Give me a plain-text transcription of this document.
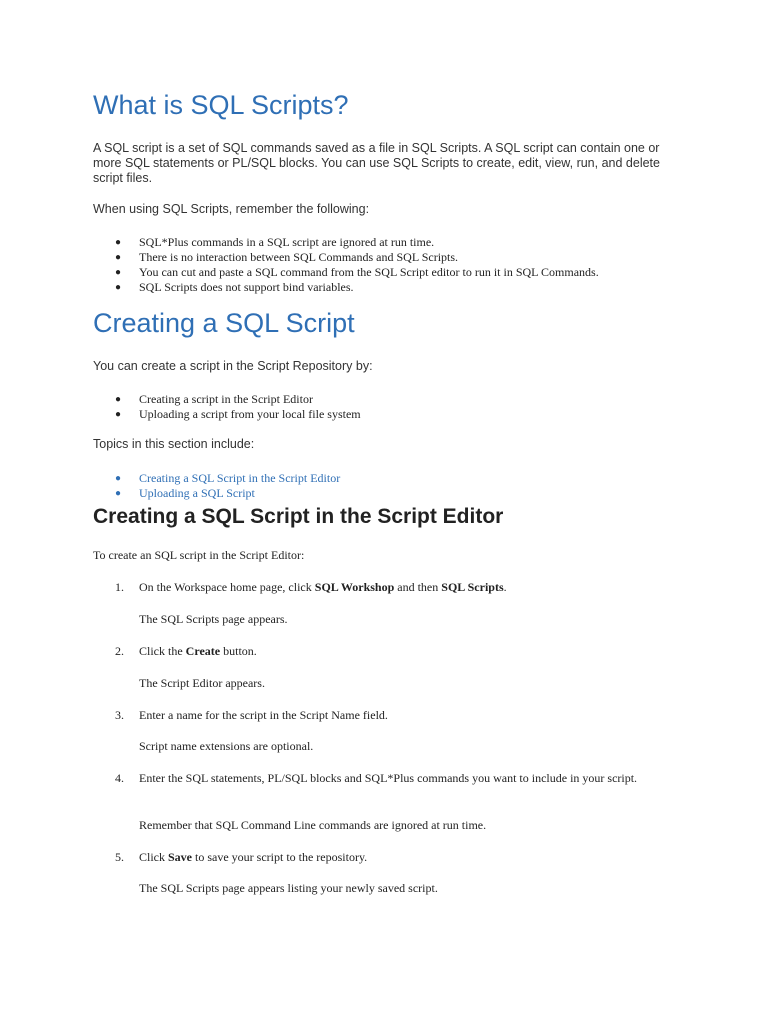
What is SQL Scripts?

A SQL script is a set of SQL commands saved as a file in SQL Scripts. A SQL script can contain one or more SQL statements or PL/SQL blocks. You can use SQL Scripts to create, edit, view, run, and delete script files.

When using SQL Scripts, remember the following:

● SQL*Plus commands in a SQL script are ignored at run time.
● There is no interaction between SQL Commands and SQL Scripts.
● You can cut and paste a SQL command from the SQL Script editor to run it in SQL Commands.
● SQL Scripts does not support bind variables.
Creating a SQL Script

You can create a script in the Script Repository by:

● Creating a script in the Script Editor
● Uploading a script from your local file system

Topics in this section include:

● Creating a SQL Script in the Script Editor
● Uploading a SQL Script
Creating a SQL Script in the Script Editor

To create an SQL script in the Script Editor:

1. On the Workspace home page, click SQL Workshop and then SQL Scripts.
The SQL Scripts page appears.
2. Click the Create button.
The Script Editor appears.
3. Enter a name for the script in the Script Name field.
Script name extensions are optional.
4. Enter the SQL statements, PL/SQL blocks and SQL*Plus commands you want to include in your script.
Remember that SQL Command Line commands are ignored at run time.
5. Click Save to save your script to the repository.
The SQL Scripts page appears listing your newly saved script.
